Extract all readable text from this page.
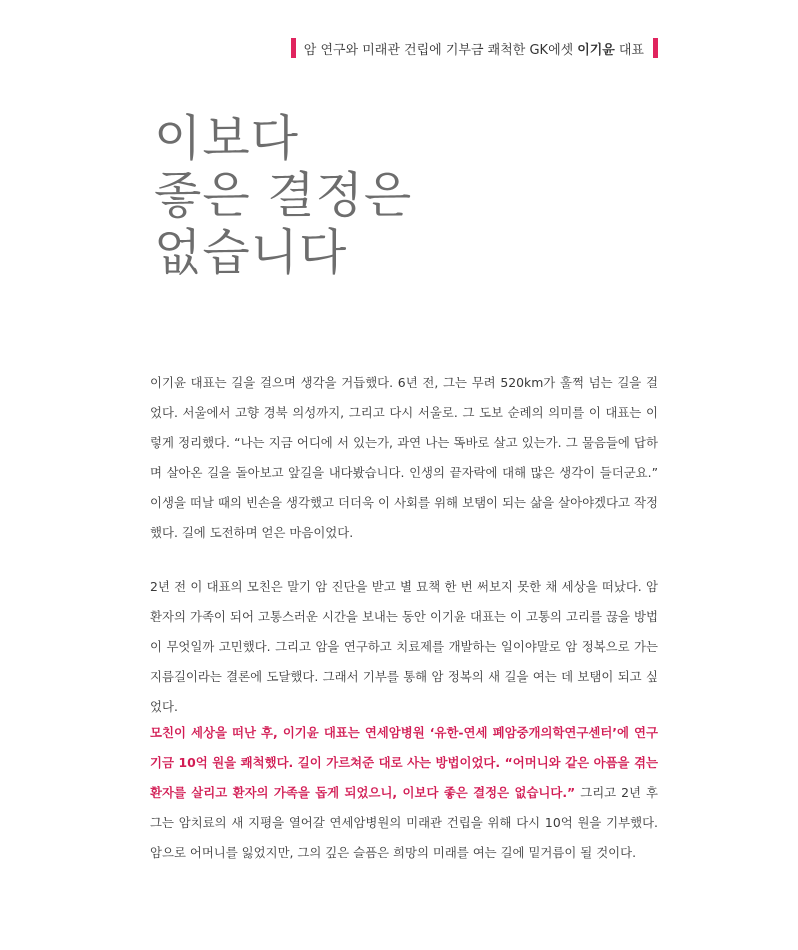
암 연구와 미래관 건립에 기부금 쾌척한 GK에셋 이기윤 대표
이보다
좋은 결정은
없습니다

이기윤 대표는 길을 걸으며 생각을 거듭했다. 6년 전, 그는 무려 520km가 훌쩍 넘는 길을 걸었다. 서울에서 고향 경북 의성까지, 그리고 다시 서울로. 그 도보 순례의 의미를 이 대표는 이렇게 정리했다. “나는 지금 어디에 서 있는가, 과연 나는 똑바로 살고 있는가. 그 물음들에 답하며 살아온 길을 돌아보고 앞길을 내다봤습니다. 인생의 끝자락에 대해 많은 생각이 들더군요.” 이생을 떠날 때의 빈손을 생각했고 더더욱 이 사회를 위해 보탬이 되는 삶을 살아야겠다고 작정했다. 길에 도전하며 얻은 마음이었다.

2년 전 이 대표의 모친은 말기 암 진단을 받고 별 묘책 한 번 써보지 못한 채 세상을 떠났다. 암환자의 가족이 되어 고통스러운 시간을 보내는 동안 이기윤 대표는 이 고통의 고리를 끊을 방법이 무엇일까 고민했다. 그리고 암을 연구하고 치료제를 개발하는 일이야말로 암 정복으로 가는 지름길이라는 결론에 도달했다. 그래서 기부를 통해 암 정복의 새 길을 여는 데 보탬이 되고 싶었다.

모친이 세상을 떠난 후, 이기윤 대표는 연세암병원 ‘유한-연세 폐암중개의학연구센터’에 연구기금 10억 원을 쾌척했다. 길이 가르쳐준 대로 사는 방법이었다. “어머니와 같은 아픔을 겪는 환자를 살리고 환자의 가족을 돕게 되었으니, 이보다 좋은 결정은 없습니다.” 그리고 2년 후 그는 암치료의 새 지평을 열어갈 연세암병원의 미래관 건립을 위해 다시 10억 원을 기부했다. 암으로 어머니를 잃었지만, 그의 깊은 슬픔은 희망의 미래를 여는 길에 밑거름이 될 것이다.
